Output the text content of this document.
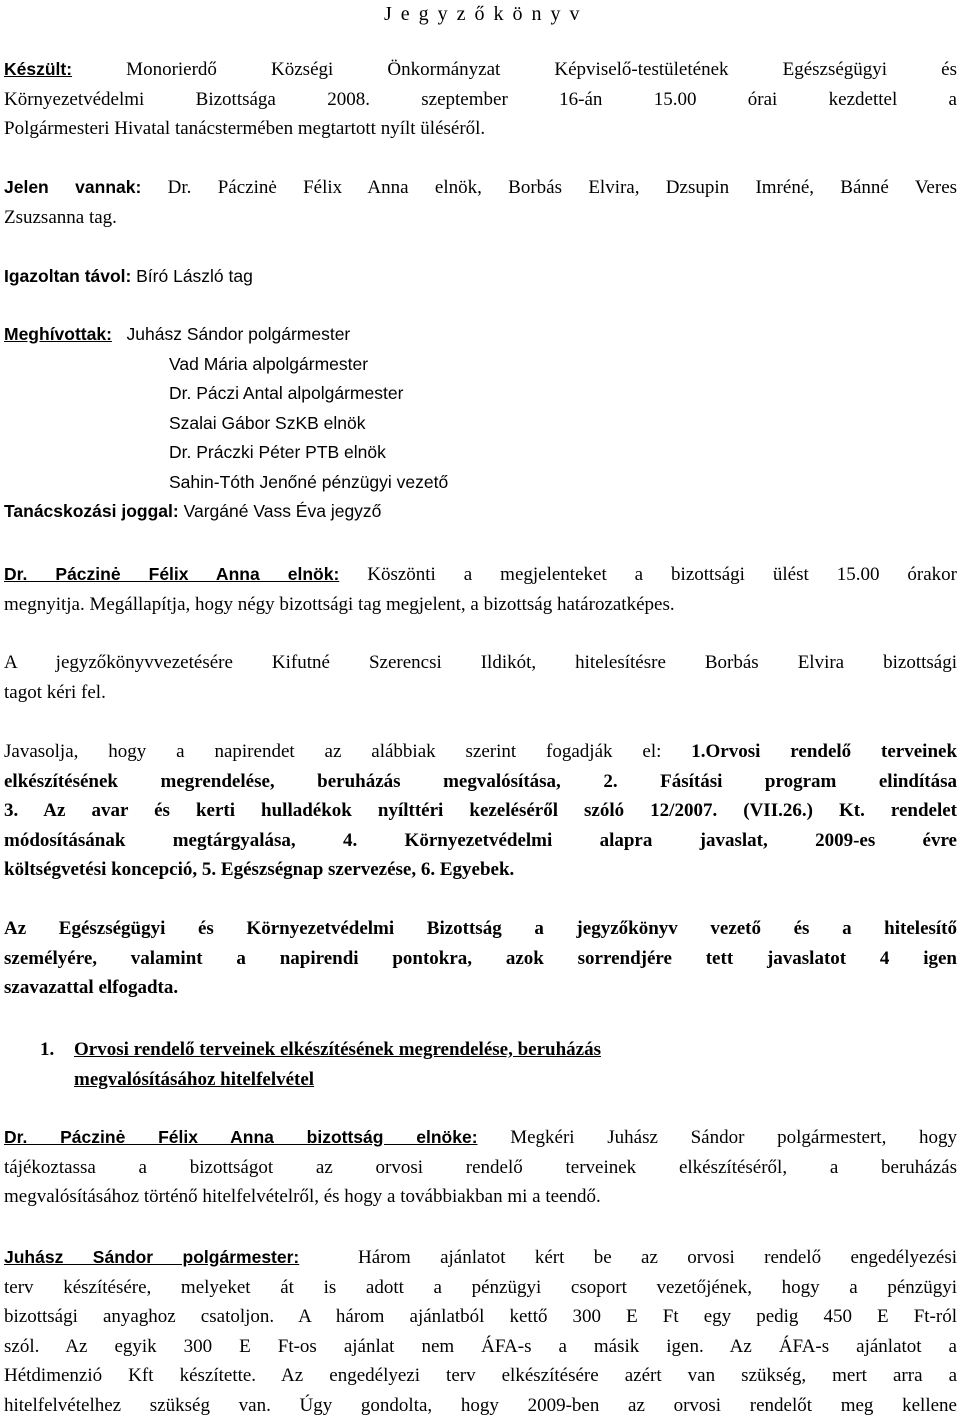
J e g y z ő k ö n y v
Készült:	Monorierdő Községi Önkormányzat Képviselő-testületének Egészségügyi és
Környezetvédelmi Bizottsága 2008. szeptember 16-án 15.00 órai kezdettel a
Polgármesteri Hivatal tanácstermében megtartott nyílt üléséről.
Jelen vannak: Dr. Páczinė Félix Anna elnök, Borbás Elvira, Dzsupin Imréné, Bánné Veres
Zsuzsanna tag.
Igazoltan távol: Bíró László tag
Meghívottak: Juhász Sándor polgármester
Vad Mária alpolgármester
Dr. Páczi Antal alpolgármester
Szalai Gábor SzKB elnök
Dr. Práczki Péter PTB elnök
Sahin-Tóth Jenőné pénzügyi vezető
Tanácskozási joggal: Vargáné Vass Éva jegyző
Dr. Páczinė Félix Anna elnök: Köszönti a megjelenteket a bizottsági ülést 15.00 órakor
megnyitja. Megállapítja, hogy négy bizottsági tag megjelent, a bizottság határozatképes.
A jegyzőkönyvvezetésére Kifutné Szerencsi Ildikót, hitelesítésre Borbás Elvira bizottsági
tagot kéri fel.
Javasolja, hogy a napirendet az alábbiak szerint fogadják el: 1.Orvosi rendelő terveinek
elkészítésének megrendelése, beruházás megvalósítása, 2. Fásítási program elindítása
3. Az avar és kerti hulladékok nyílttéri kezeléséről szóló 12/2007. (VII.26.) Kt. rendelet
módosításának megtárgyalása, 4. Környezetvédelmi alapra javaslat, 2009-es évre
költségvetési koncepció, 5. Egészségnap szervezése, 6. Egyebek.
Az Egészségügyi és Környezetvédelmi Bizottság a jegyzőkönyv vezető és a hitelesítő
személyére, valamint a napirendi pontokra, azok sorrendjére tett javaslatot 4 igen
szavazattal elfogadta.
1. Orvosi rendelő terveinek elkészítésének megrendelése, beruházás
megvalósításához hitelfelvétel
Dr. Páczinė Félix Anna bizottság elnöke: Megkéri Juhász Sándor polgármestert, hogy
tájékoztassa a bizottságot az orvosi rendelő terveinek elkészítéséről, a beruházás
megvalósításához történő hitelfelvételről, és hogy a továbbiakban mi a teendő.
Juhász Sándor polgármester:	Három ajánlatot kért be az orvosi rendelő engedélyezési
terv készítésére, melyeket át is adott a pénzügyi csoport vezetőjének, hogy a pénzügyi
bizottsági anyaghoz csatoljon. A három ajánlatból kettő 300 E Ft egy pedig 450 E Ft-ról
szól. Az egyik 300 E Ft-os ajánlat nem ÁFA-s a másik igen. Az ÁFA-s ajánlatot a
Hétdimenzió Kft készítette. Az engedélyezi terv elkészítésére azért van szükség, mert arra a
hitelfelvételhez szükség van. Úgy gondolta, hogy 2009-ben az orvosi rendelőt meg kellene
